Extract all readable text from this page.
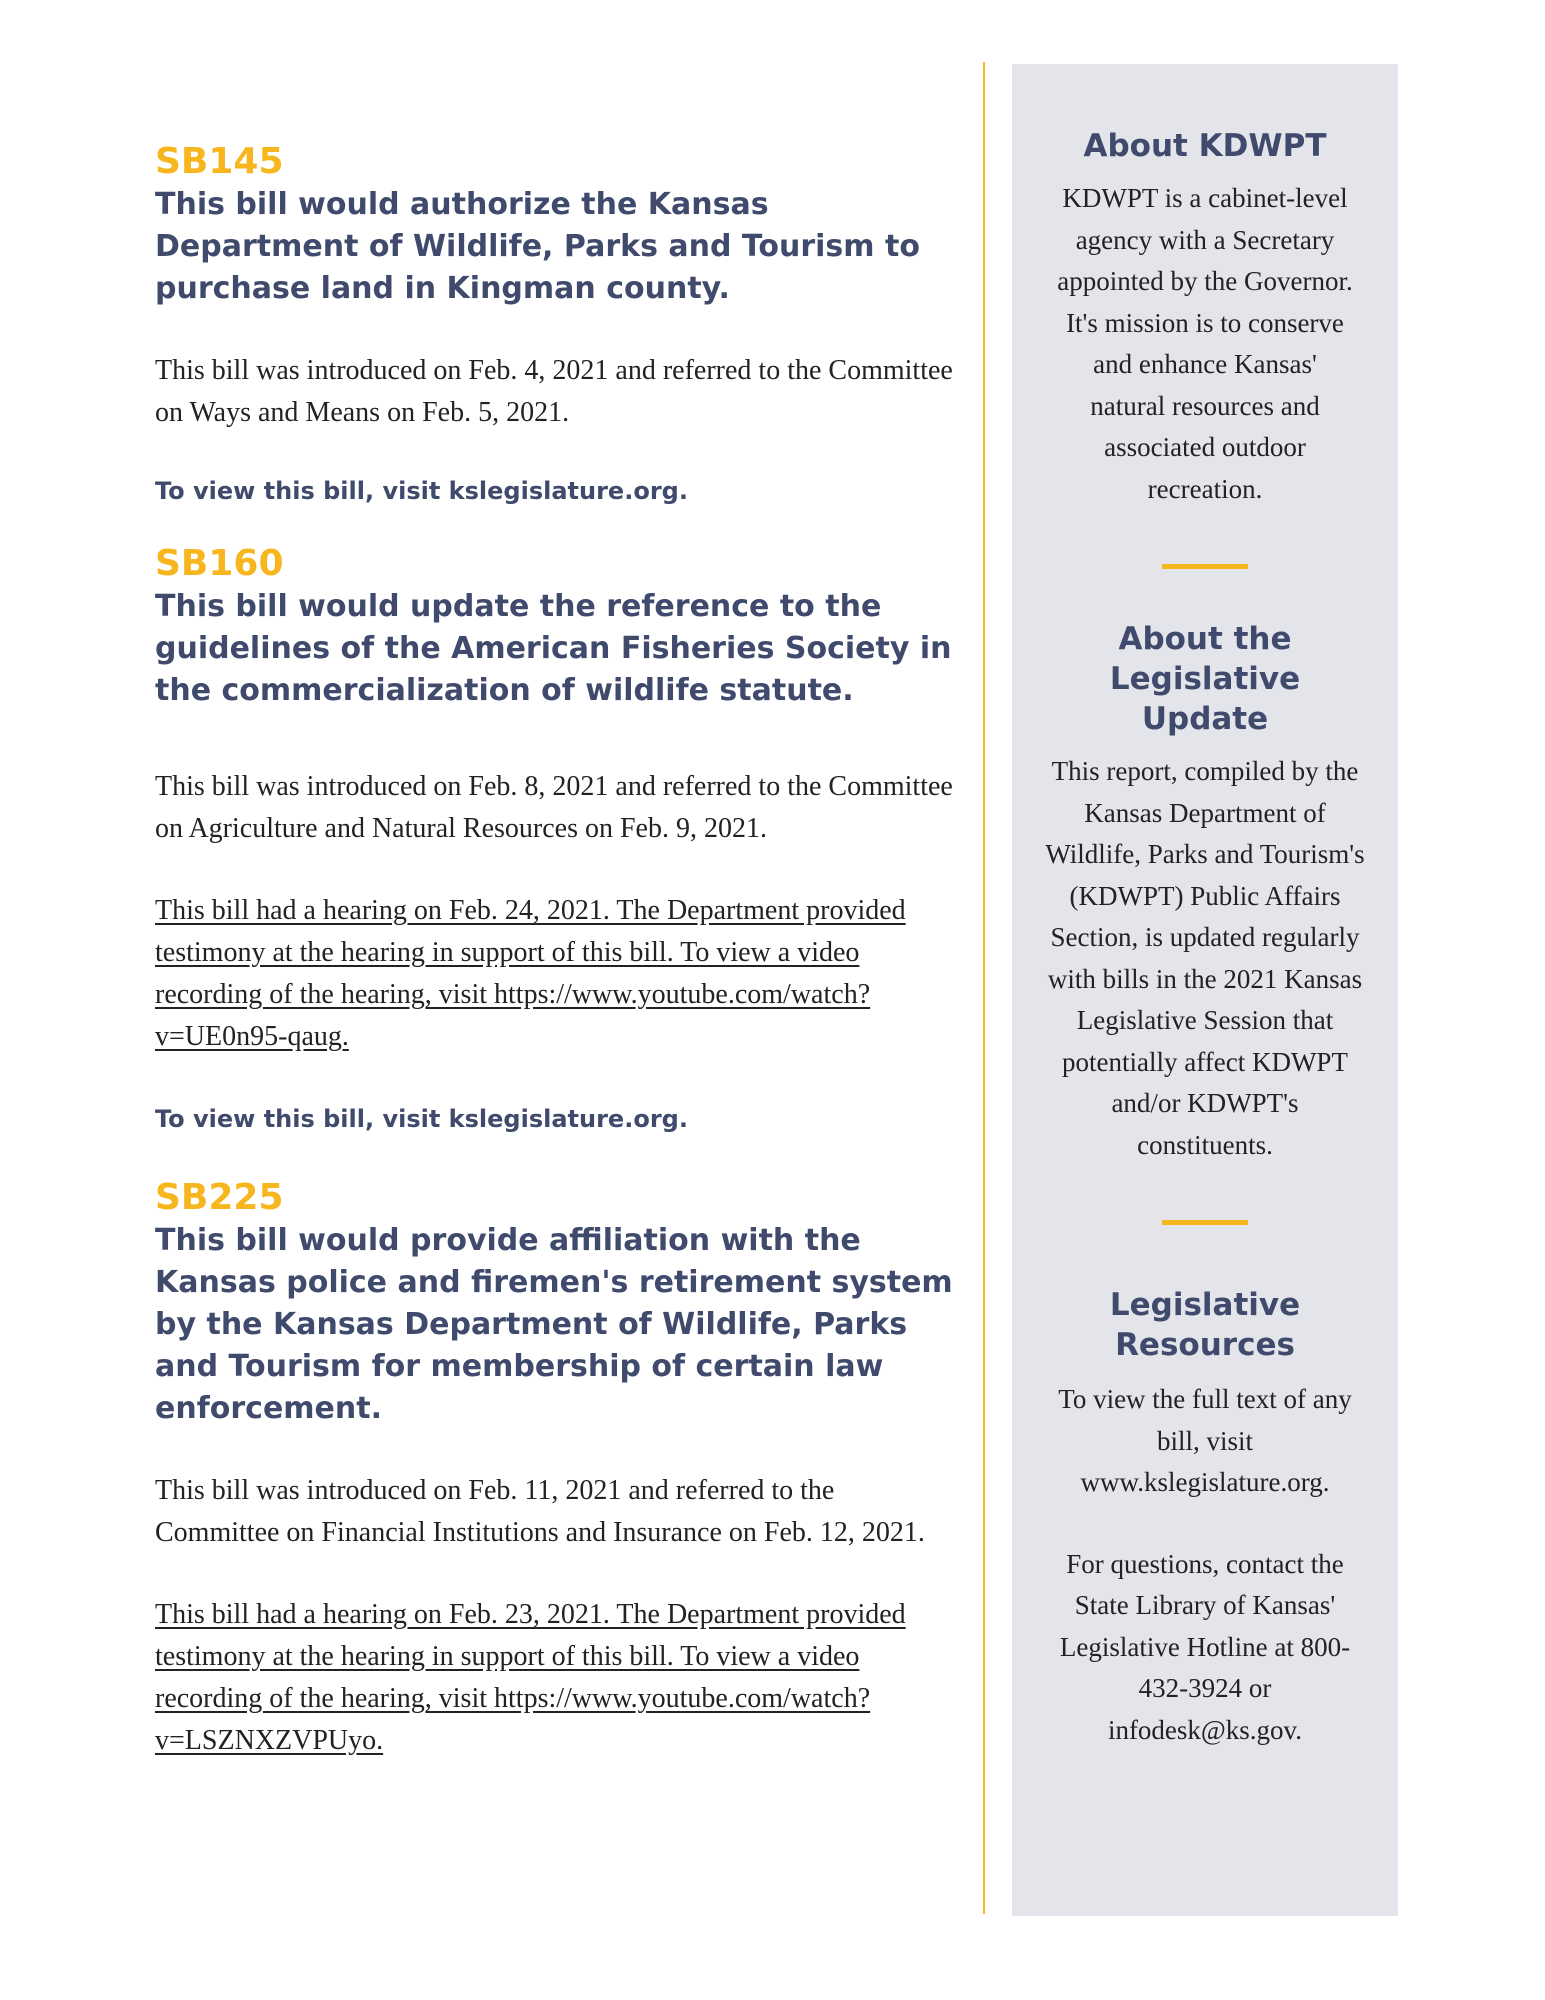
SB145

This bill would authorize the Kansas Department of Wildlife, Parks and Tourism to purchase land in Kingman county.

This bill was introduced on Feb. 4, 2021 and referred to the Committee on Ways and Means on Feb. 5, 2021.

To view this bill, visit kslegislature.org.

SB160

This bill would update the reference to the guidelines of the American Fisheries Society in the commercialization of wildlife statute.

This bill was introduced on Feb. 8, 2021 and referred to the Committee on Agriculture and Natural Resources on Feb. 9, 2021.

This bill had a hearing on Feb. 24, 2021. The Department provided testimony at the hearing in support of this bill. To view a video recording of the hearing, visit https://www.youtube.com/watch?v=UE0n95-qaug.

To view this bill, visit kslegislature.org.

SB225

This bill would provide affiliation with the Kansas police and firemen's retirement system by the Kansas Department of Wildlife, Parks and Tourism for membership of certain law enforcement.

This bill was introduced on Feb. 11, 2021 and referred to the Committee on Financial Institutions and Insurance on Feb. 12, 2021.

This bill had a hearing on Feb. 23, 2021. The Department provided testimony at the hearing in support of this bill. To view a video recording of the hearing, visit https://www.youtube.com/watch?v=LSZNXZVPUyo.

About KDWPT

KDWPT is a cabinet-level agency with a Secretary appointed by the Governor. It's mission is to conserve and enhance Kansas' natural resources and associated outdoor recreation.

About the Legislative Update

This report, compiled by the Kansas Department of Wildlife, Parks and Tourism's (KDWPT) Public Affairs Section, is updated regularly with bills in the 2021 Kansas Legislative Session that potentially affect KDWPT and/or KDWPT's constituents.

Legislative Resources

To view the full text of any bill, visit www.kslegislature.org.

For questions, contact the State Library of Kansas' Legislative Hotline at 800-432-3924 or infodesk@ks.gov.
